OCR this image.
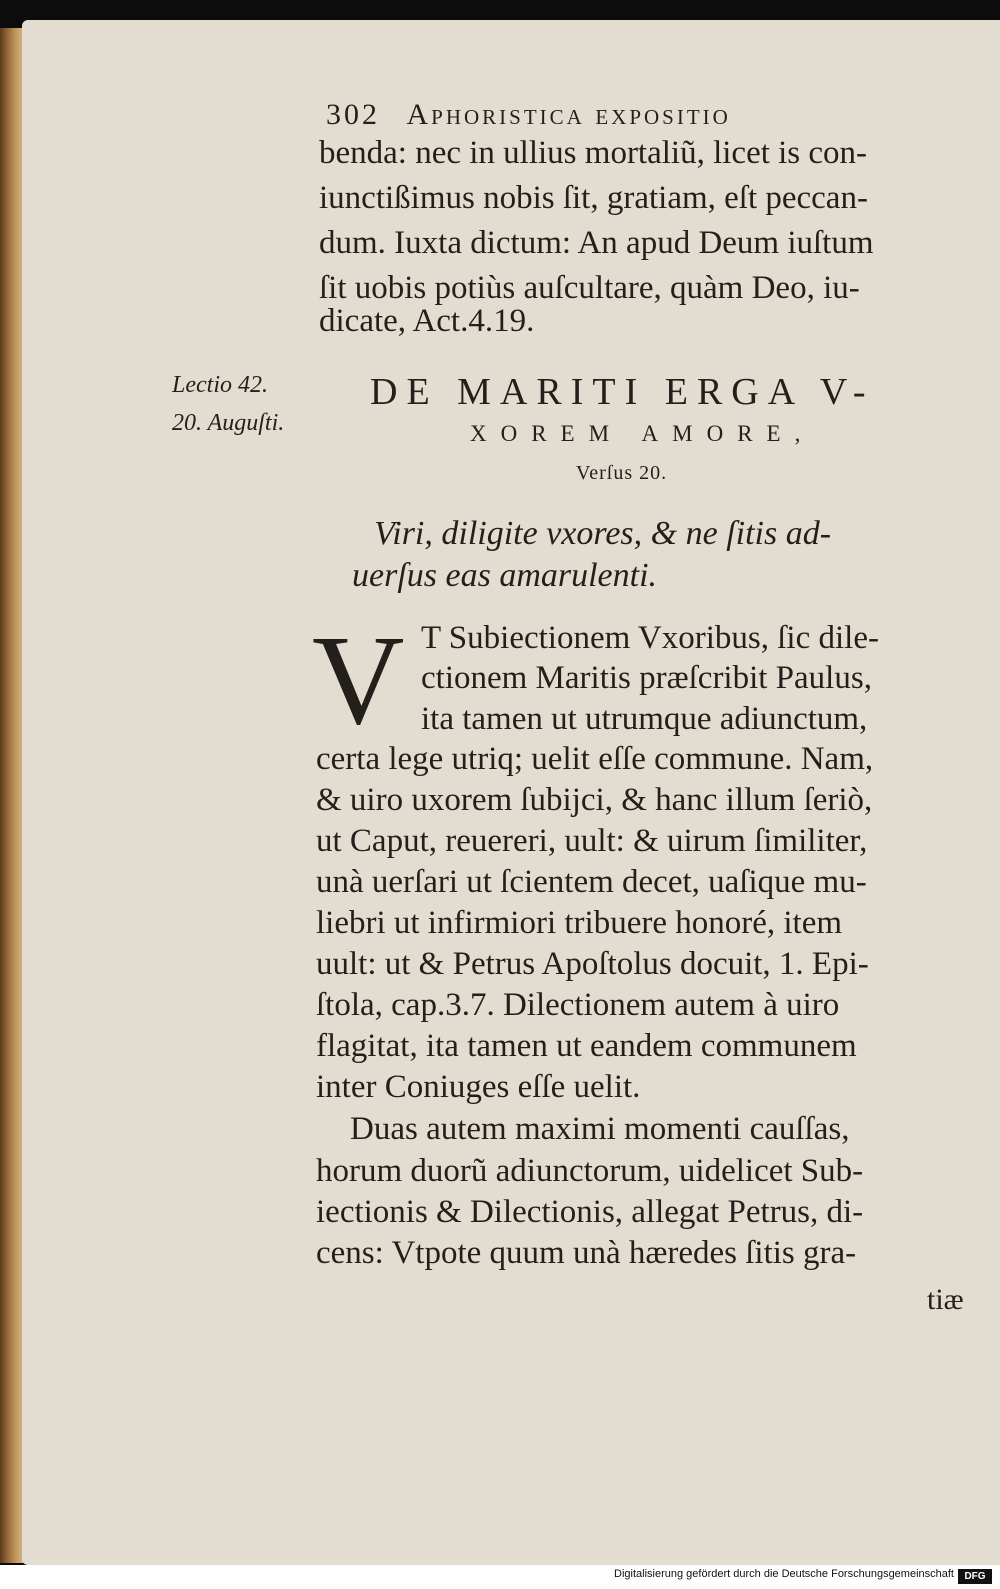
302 Aphoristica expositio
benda: nec in ullius mortaliũ, licet is con-
iunctißimus nobis ſit, gratiam, eſt peccan-
dum. Iuxta dictum: An apud Deum iuſtum
ſit uobis potiùs auſcultare, quàm Deo, iu-
dicate, Act.4.19.
Lectio 42.
20. Auguſti.
DE MARITI ERGA V-
XOREM AMORE,
Verſus 20.
Viri, diligite vxores, & ne ſitis ad-
uerſus eas amarulenti.
V T Subiectionem Vxoribus, ſic dile-
ctionem Maritis præſcribit Paulus,
ita tamen ut utrumque adiunctum,
certa lege utriq; uelit eſſe commune. Nam,
& uiro uxorem ſubijci, & hanc illum ſeriò,
ut Caput, reuereri, uult: & uirum ſimiliter,
unà uerſari ut ſcientem decet, uaſique mu-
liebri ut infirmiori tribuere honoré, item
uult: ut & Petrus Apoſtolus docuit, 1. Epi-
ſtola, cap.3.7. Dilectionem autem à uiro
flagitat, ita tamen ut eandem communem
inter Coniuges eſſe uelit.
Duas autem maximi momenti cauſſas,
horum duorũ adiunctorum, uidelicet Sub-
iectionis & Dilectionis, allegat Petrus, di-
cens: Vtpote quum unà hæredes ſitis gra-
tiæ
Digitalisierung gefördert durch die Deutsche Forschungsgemeinschaft	DFG
